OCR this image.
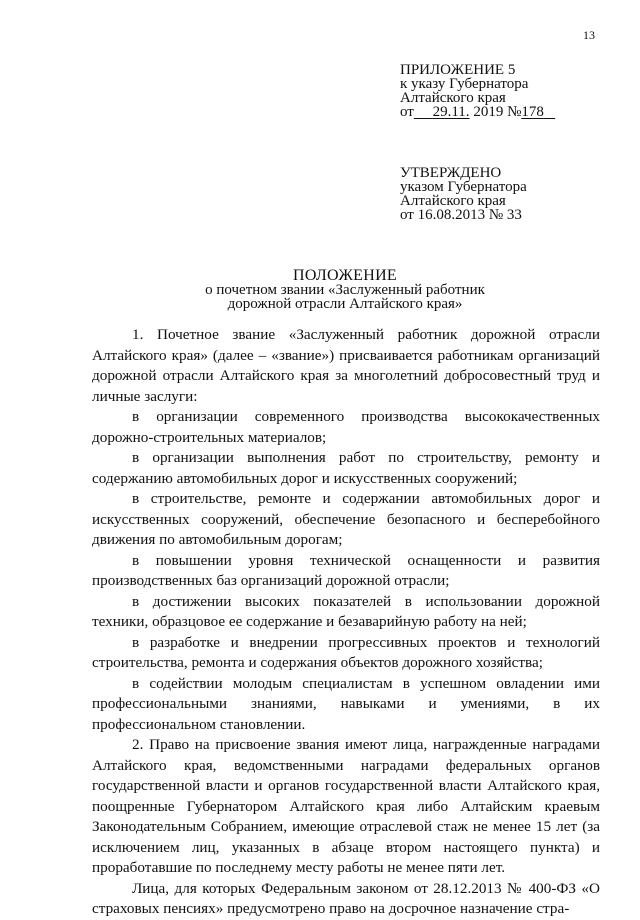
13
ПРИЛОЖЕНИЕ 5
к указу Губернатора
Алтайского края
от 29.11. 2019 №178
УТВЕРЖДЕНО
указом Губернатора
Алтайского края
от 16.08.2013 № 33
ПОЛОЖЕНИЕ
о почетном звании «Заслуженный работник
дорожной отрасли Алтайского края»

1. Почетное звание «Заслуженный работник дорожной отрасли Алтайского края» (далее – «звание») присваивается работникам организаций дорожной отрасли Алтайского края за многолетний добросовестный труд и личные заслуги:

в организации современного производства высококачественных дорожно-строительных материалов;

в организации выполнения работ по строительству, ремонту и содержанию автомобильных дорог и искусственных сооружений;

в строительстве, ремонте и содержании автомобильных дорог и искусственных сооружений, обеспечение безопасного и бесперебойного движения по автомобильным дорогам;

в повышении уровня технической оснащенности и развития производственных баз организаций дорожной отрасли;

в достижении высоких показателей в использовании дорожной техники, образцовое ее содержание и безаварийную работу на ней;

в разработке и внедрении прогрессивных проектов и технологий строительства, ремонта и содержания объектов дорожного хозяйства;

в содействии молодым специалистам в успешном овладении ими профессиональными знаниями, навыками и умениями, в их профессиональном становлении.

2. Право на присвоение звания имеют лица, награжденные наградами Алтайского края, ведомственными наградами федеральных органов государственной власти и органов государственной власти Алтайского края, поощренные Губернатором Алтайского края либо Алтайским краевым Законодательным Собранием, имеющие отраслевой стаж не менее 15 лет (за исключением лиц, указанных в абзаце втором настоящего пункта) и проработавшие по последнему месту работы не менее пяти лет.

Лица, для которых Федеральным законом от 28.12.2013 № 400-ФЗ «О страховых пенсиях» предусмотрено право на досрочное назначение стра-
